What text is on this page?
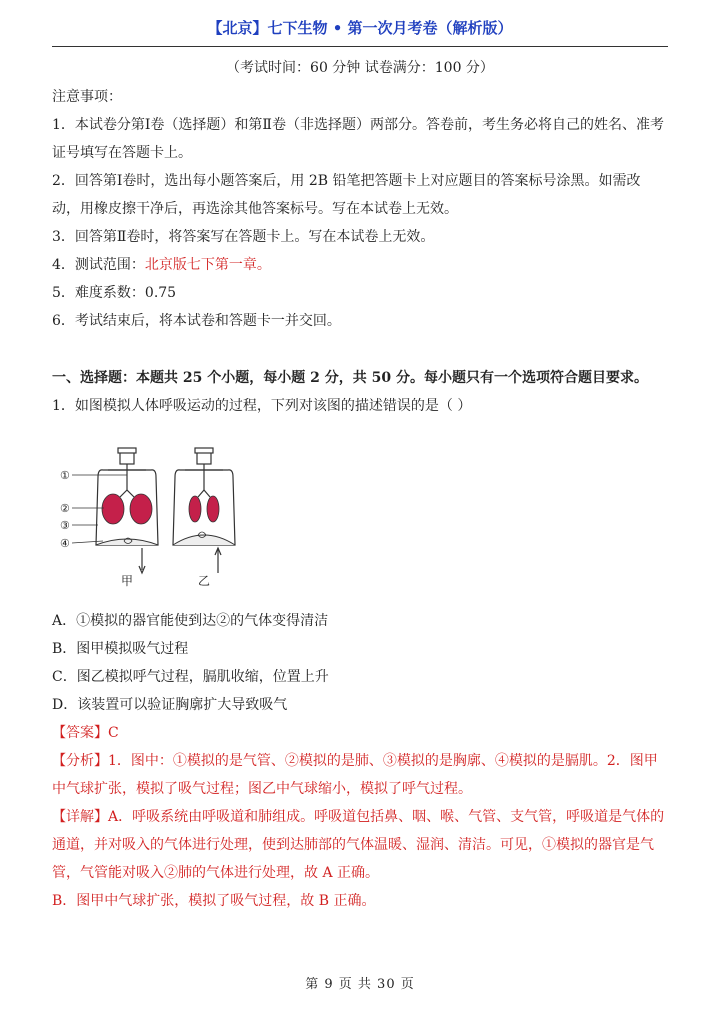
【北京】七下生物 • 第一次月考卷（解析版）
（考试时间：60 分钟 试卷满分：100 分）
注意事项：
1．本试卷分第Ⅰ卷（选择题）和第Ⅱ卷（非选择题）两部分。答卷前，考生务必将自己的姓名、准考证号填写在答题卡上。
2．回答第Ⅰ卷时，选出每小题答案后，用 2B 铅笔把答题卡上对应题目的答案标号涂黑。如需改动，用橡皮擦干净后，再选涂其他答案标号。写在本试卷上无效。
3．回答第Ⅱ卷时，将答案写在答题卡上。写在本试卷上无效。
4．测试范围：北京版七下第一章。
5．难度系数：0.75
6．考试结束后，将本试卷和答题卡一并交回。
一、选择题：本题共 25 个小题，每小题 2 分，共 50 分。每小题只有一个选项符合题目要求。
1．如图模拟人体呼吸运动的过程，下列对该图的描述错误的是（ ）
①
②
③
④
甲	乙
A．①模拟的器官能使到达②的气体变得清洁
B．图甲模拟吸气过程
C．图乙模拟呼气过程，膈肌收缩，位置上升
D．该装置可以验证胸廓扩大导致吸气
【答案】C
【分析】1．图中：①模拟的是气管、②模拟的是肺、③模拟的是胸廓、④模拟的是膈肌。2．图甲中气球扩张，模拟了吸气过程；图乙中气球缩小，模拟了呼气过程。
【详解】A．呼吸系统由呼吸道和肺组成。呼吸道包括鼻、咽、喉、气管、支气管，呼吸道是气体的通道，并对吸入的气体进行处理，使到达肺部的气体温暖、湿润、清洁。可见，①模拟的器官是气管，气管能对吸入②肺的气体进行处理，故 A 正确。
B．图甲中气球扩张，模拟了吸气过程，故 B 正确。
第 9 页 共 30 页
